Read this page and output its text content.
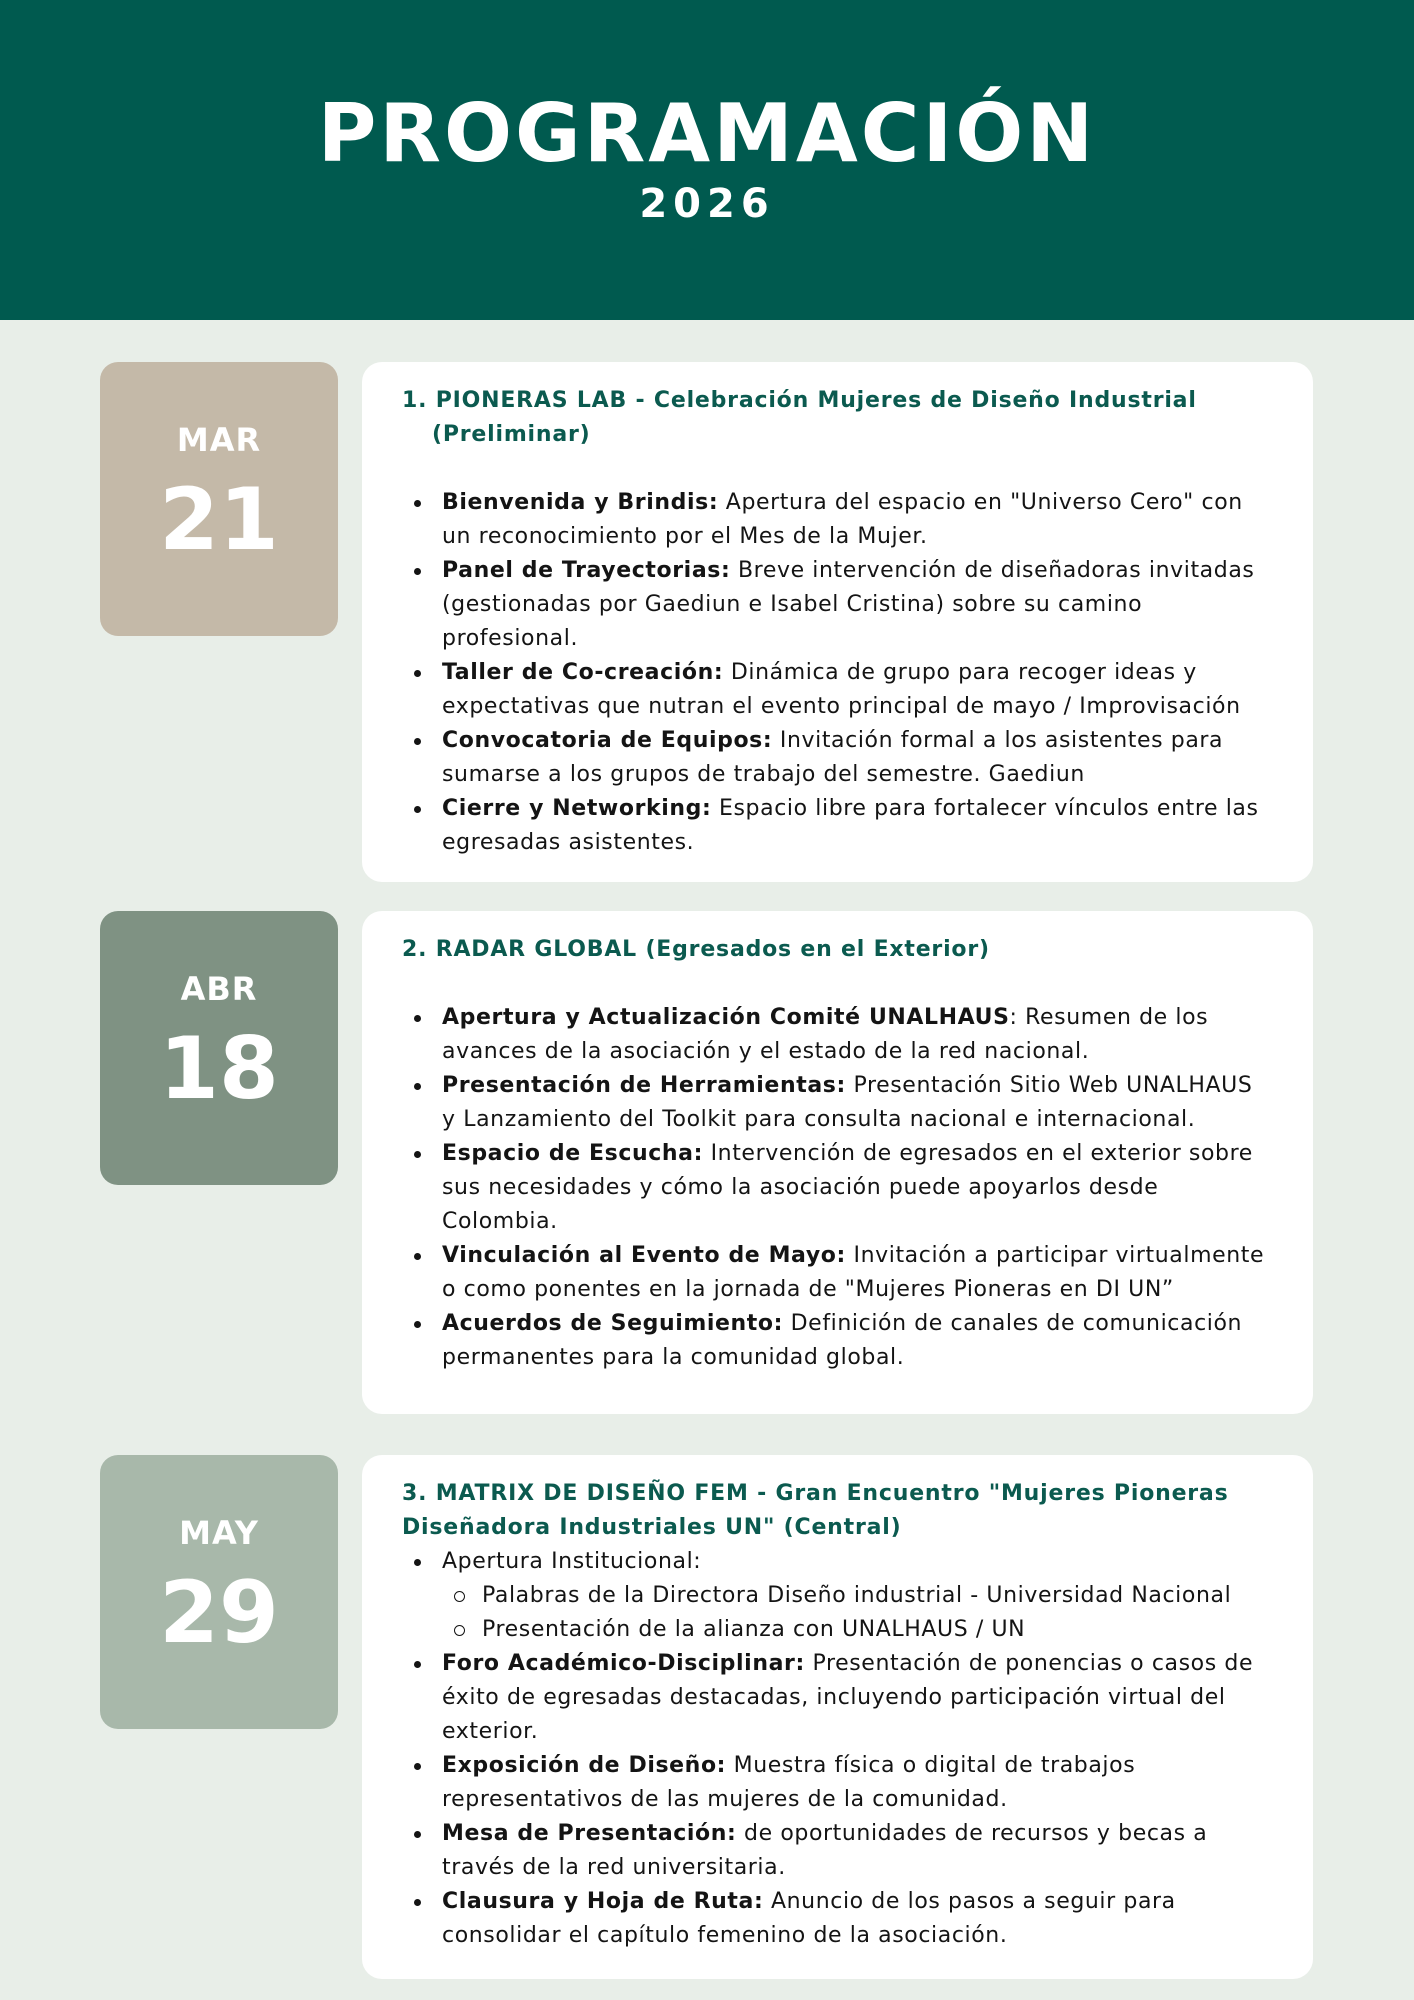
PROGRAMACIÓN
2026
MAR
21
1. PIONERAS LAB - Celebración Mujeres de Diseño Industrial (Preliminar)
Bienvenida y Brindis: Apertura del espacio en "Universo Cero" con un reconocimiento por el Mes de la Mujer.
Panel de Trayectorias: Breve intervención de diseñadoras invitadas (gestionadas por Gaediun e Isabel Cristina) sobre su camino profesional.
Taller de Co-creación: Dinámica de grupo para recoger ideas y expectativas que nutran el evento principal de mayo / Improvisación
Convocatoria de Equipos: Invitación formal a los asistentes para sumarse a los grupos de trabajo del semestre. Gaediun
Cierre y Networking: Espacio libre para fortalecer vínculos entre las egresadas asistentes.
ABR
18
2. RADAR GLOBAL (Egresados en el Exterior)
Apertura y Actualización Comité UNALHAUS: Resumen de los avances de la asociación y el estado de la red nacional.
Presentación de Herramientas: Presentación Sitio Web UNALHAUS y Lanzamiento del Toolkit para consulta nacional e internacional.
Espacio de Escucha: Intervención de egresados en el exterior sobre sus necesidades y cómo la asociación puede apoyarlos desde Colombia.
Vinculación al Evento de Mayo: Invitación a participar virtualmente o como ponentes en la jornada de "Mujeres Pioneras en DI UN”
Acuerdos de Seguimiento: Definición de canales de comunicación permanentes para la comunidad global.
MAY
29
3. MATRIX DE DISEÑO FEM - Gran Encuentro "Mujeres Pioneras Diseñadora Industriales UN" (Central)
Apertura Institucional:
Palabras de la Directora Diseño industrial - Universidad Nacional
Presentación de la alianza con UNALHAUS / UN
Foro Académico-Disciplinar: Presentación de ponencias o casos de éxito de egresadas destacadas, incluyendo participación virtual del exterior.
Exposición de Diseño: Muestra física o digital de trabajos representativos de las mujeres de la comunidad.
Mesa de Presentación: de oportunidades de recursos y becas a través de la red universitaria.
Clausura y Hoja de Ruta: Anuncio de los pasos a seguir para consolidar el capítulo femenino de la asociación.
